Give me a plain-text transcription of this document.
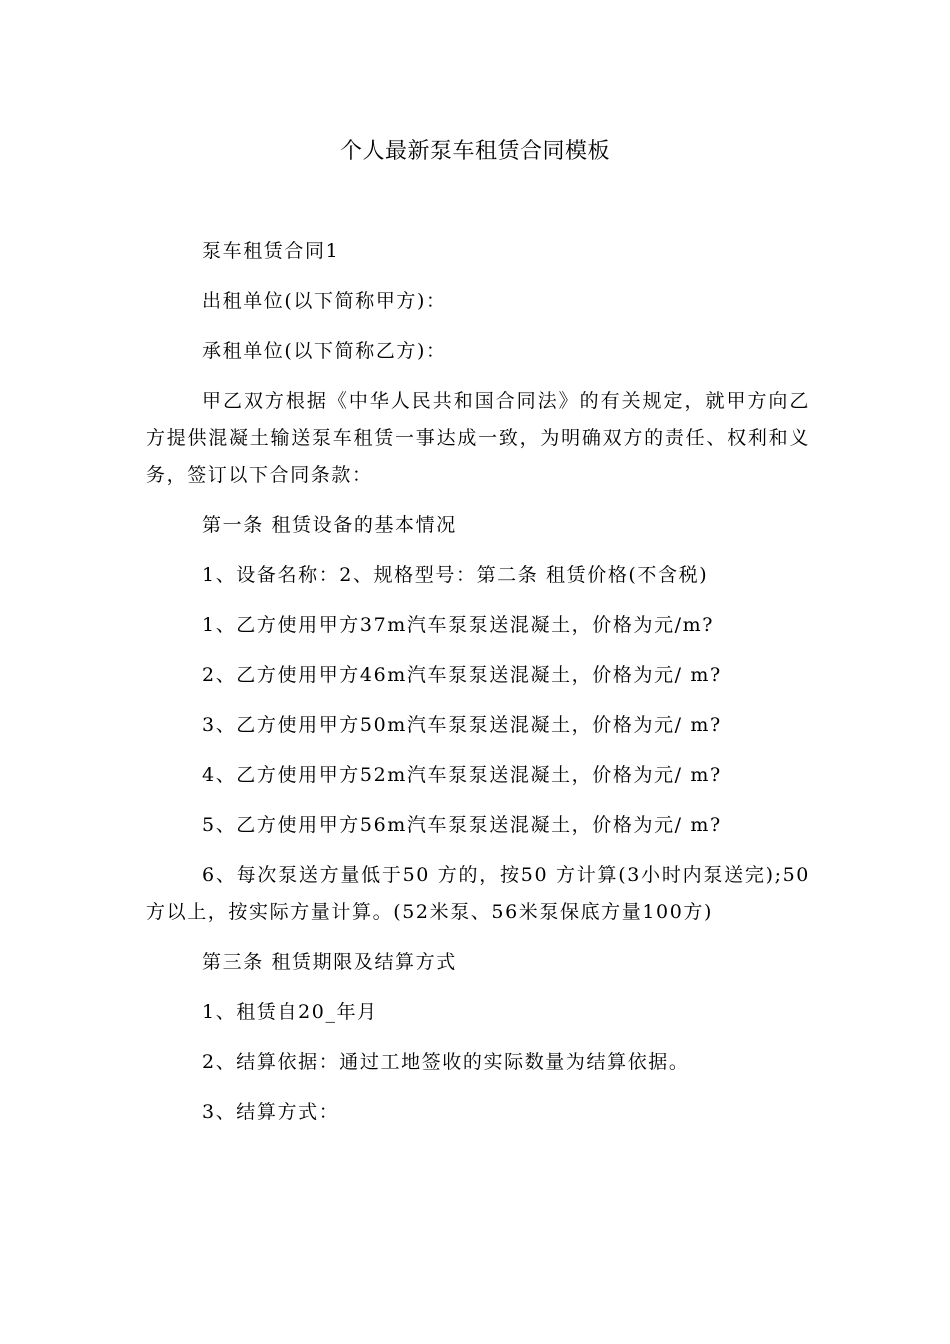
个人最新泵车租赁合同模板

泵车租赁合同1

出租单位(以下简称甲方)：

承租单位(以下简称乙方)：

甲乙双方根据《中华人民共和国合同法》的有关规定，就甲方向乙方提供混凝土输送泵车租赁一事达成一致，为明确双方的责任、权利和义务，签订以下合同条款：

第一条 租赁设备的基本情况

1、设备名称：2、规格型号：第二条 租赁价格(不含税)

1、乙方使用甲方37m汽车泵泵送混凝土，价格为元/m?

2、乙方使用甲方46m汽车泵泵送混凝土，价格为元/ m?

3、乙方使用甲方50m汽车泵泵送混凝土，价格为元/ m?

4、乙方使用甲方52m汽车泵泵送混凝土，价格为元/ m?

5、乙方使用甲方56m汽车泵泵送混凝土，价格为元/ m?

6、每次泵送方量低于50 方的，按50 方计算(3小时内泵送完);50方以上，按实际方量计算。(52米泵、56米泵保底方量100方)

第三条 租赁期限及结算方式

1、租赁自20_年月

2、结算依据：通过工地签收的实际数量为结算依据。

3、结算方式：
